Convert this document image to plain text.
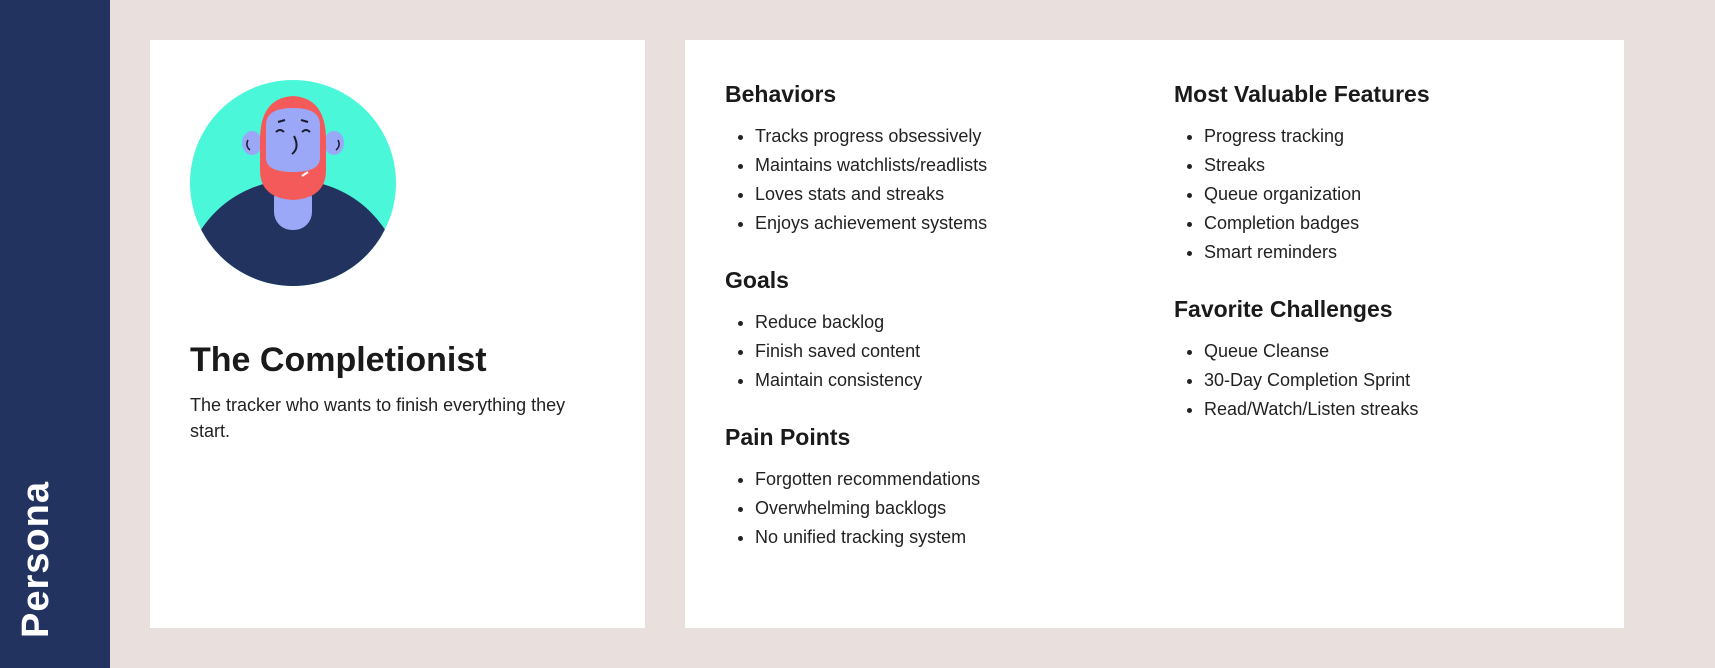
Persona
The Completionist

The tracker who wants to finish everything they start.

Behaviors
• Tracks progress obsessively
• Maintains watchlists/readlists
• Loves stats and streaks
• Enjoys achievement systems
Goals
• Reduce backlog
• Finish saved content
• Maintain consistency
Pain Points
• Forgotten recommendations
• Overwhelming backlogs
• No unified tracking system
Most Valuable Features
• Progress tracking
• Streaks
• Queue organization
• Completion badges
• Smart reminders
Favorite Challenges
• Queue Cleanse
• 30-Day Completion Sprint
• Read/Watch/Listen streaks
